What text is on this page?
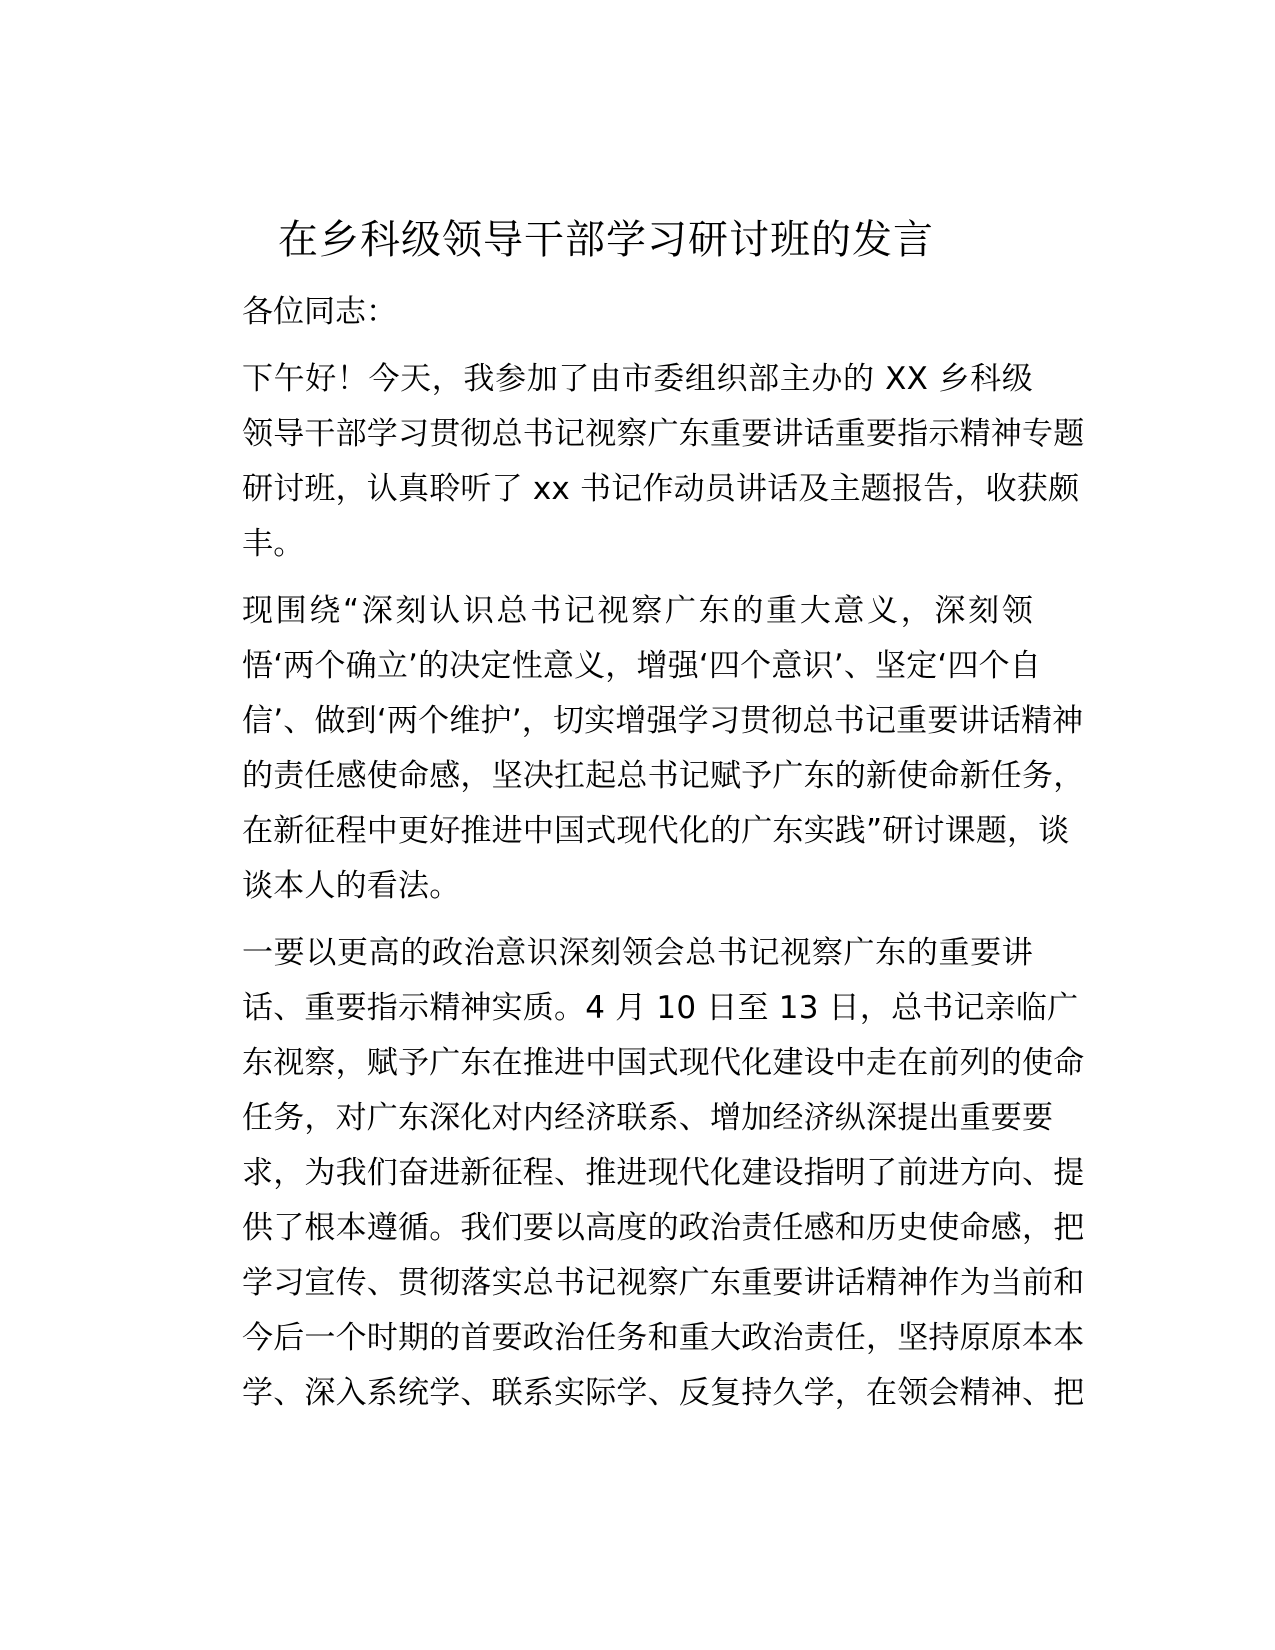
在乡科级领导干部学习研讨班的发言

各位同志：

下午好！今天，我参加了由市委组织部主办的 XX 乡科级
领导干部学习贯彻总书记视察广东重要讲话重要指示精神专题
研讨班，认真聆听了 xx 书记作动员讲话及主题报告，收获颇
丰。
现围绕“深刻认识总书记视察广东的重大意义，深刻领
悟‘两个确立’的决定性意义，增强‘四个意识’、坚定‘四个自
信’、做到‘两个维护’，切实增强学习贯彻总书记重要讲话精神
的责任感使命感，坚决扛起总书记赋予广东的新使命新任务，
在新征程中更好推进中国式现代化的广东实践”研讨课题，谈
谈本人的看法。
一要以更高的政治意识深刻领会总书记视察广东的重要讲
话、重要指示精神实质。4 月 10 日至 13 日，总书记亲临广
东视察，赋予广东在推进中国式现代化建设中走在前列的使命
任务，对广东深化对内经济联系、增加经济纵深提出重要要
求，为我们奋进新征程、推进现代化建设指明了前进方向、提
供了根本遵循。我们要以高度的政治责任感和历史使命感，把
学习宣传、贯彻落实总书记视察广东重要讲话精神作为当前和
今后一个时期的首要政治任务和重大政治责任，坚持原原本本
学、深入系统学、联系实际学、反复持久学，在领会精神、把
